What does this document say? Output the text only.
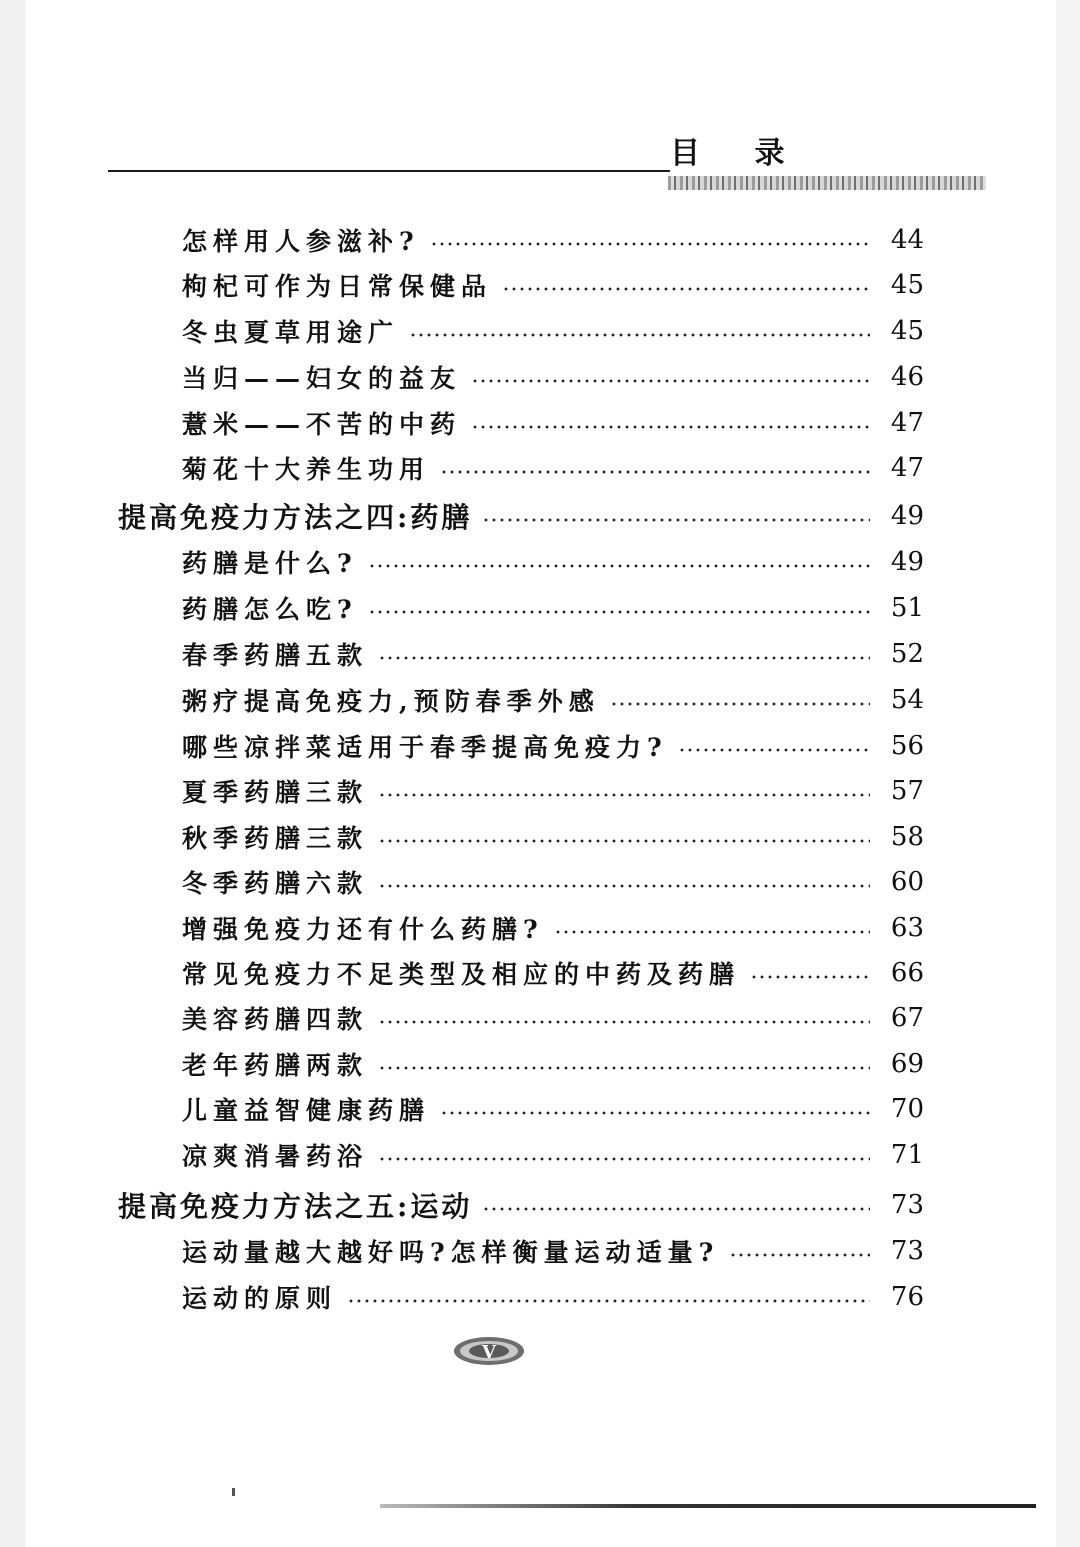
目 录
怎样用人参滋补?	44
枸杞可作为日常保健品	45
冬虫夏草用途广	45
当归——妇女的益友	46
薏米——不苦的中药	47
菊花十大养生功用	47
提高免疫力方法之四:药膳	49
药膳是什么?	49
药膳怎么吃?	51
春季药膳五款	52
粥疗提高免疫力,预防春季外感	54
哪些凉拌菜适用于春季提高免疫力?	56
夏季药膳三款	57
秋季药膳三款	58
冬季药膳六款	60
增强免疫力还有什么药膳?	63
常见免疫力不足类型及相应的中药及药膳	66
美容药膳四款	67
老年药膳两款	69
儿童益智健康药膳	70
凉爽消暑药浴	71
提高免疫力方法之五:运动	73
运动量越大越好吗?怎样衡量运动适量?	73
运动的原则	76
V
